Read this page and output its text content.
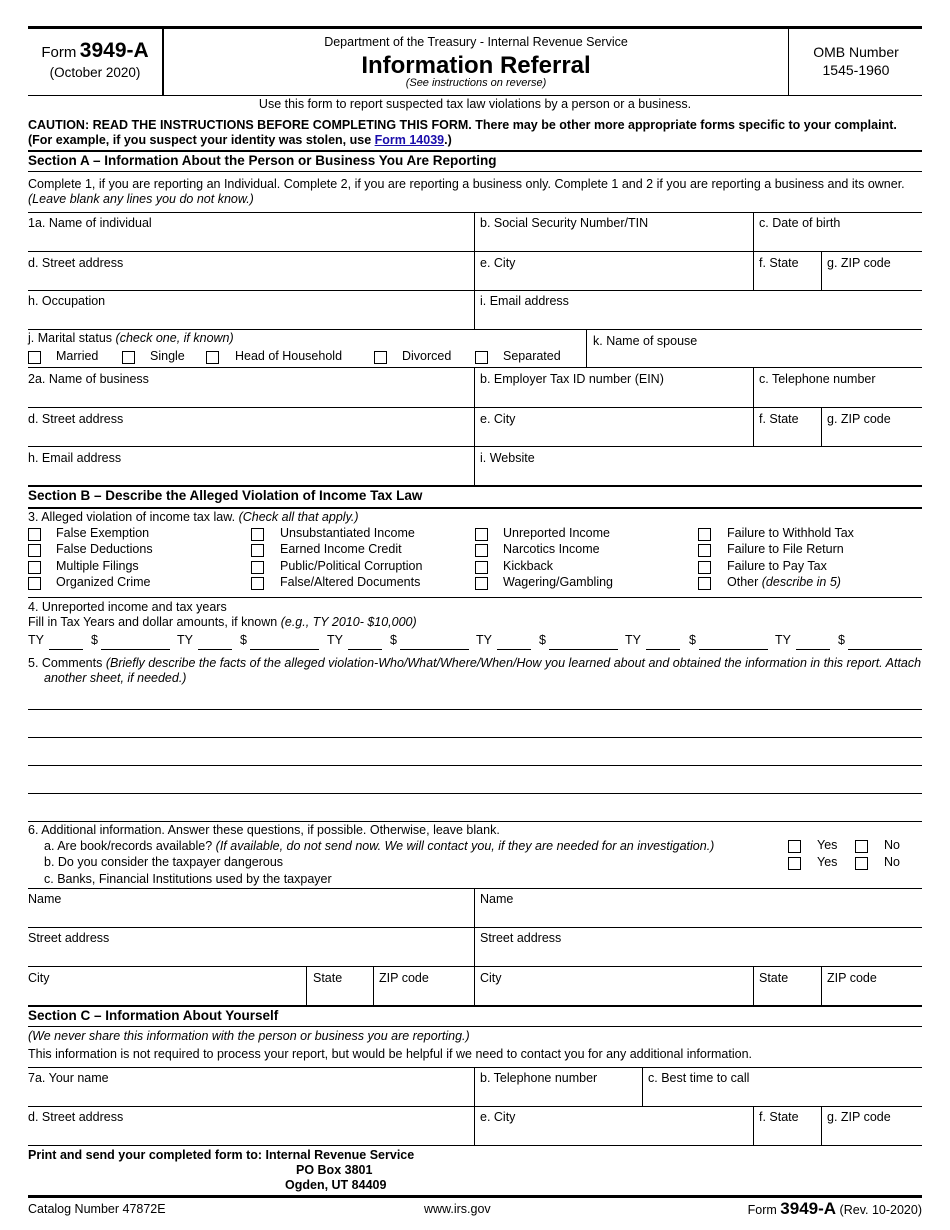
Form 3949-A
(October 2020)
Department of the Treasury - Internal Revenue Service
Information Referral
(See instructions on reverse)
OMB Number
1545-1960
Use this form to report suspected tax law violations by a person or a business.
CAUTION: READ THE INSTRUCTIONS BEFORE COMPLETING THIS FORM. There may be other more appropriate forms specific to your complaint.
(For example, if you suspect your identity was stolen, use Form 14039.)
Section A – Information About the Person or Business You Are Reporting
Complete 1, if you are reporting an Individual. Complete 2, if you are reporting a business only. Complete 1 and 2 if you are reporting a business and its owner.
(Leave blank any lines you do not know.)
1a. Name of individual	b. Social Security Number/TIN	c. Date of birth
d. Street address	e. City	f. State g. ZIP code
h. Occupation	i. Email address
j. Marital status (check one, if known)
Married	Single	Head of Household	Divorced	Separated
k. Name of spouse
2a. Name of business	b. Employer Tax ID number (EIN)	c. Telephone number
d. Street address	e. City	f. State g. ZIP code
h. Email address	i. Website
Section B – Describe the Alleged Violation of Income Tax Law
3. Alleged violation of income tax law. (Check all that apply.)
False Exemption
False Deductions
Multiple Filings
Organized Crime
Unsubstantiated Income
Earned Income Credit
Public/Political Corruption
False/Altered Documents
Unreported Income
Narcotics Income
Kickback
Wagering/Gambling
Failure to Withhold Tax
Failure to File Return
Failure to Pay Tax
Other (describe in 5)
4. Unreported income and tax years
Fill in Tax Years and dollar amounts, if known (e.g., TY 2010- $10,000)
TY	$	TY	$	TY	$	TY	$	TY	$	TY	$
5. Comments (Briefly describe the facts of the alleged violation-Who/What/Where/When/How you learned about and obtained the information in this report. Attach
another sheet, if needed.)
6. Additional information. Answer these questions, if possible. Otherwise, leave blank.
a. Are book/records available? (If available, do not send now. We will contact you, if they are needed for an investigation.)
b. Do you consider the taxpayer dangerous
c. Banks, Financial Institutions used by the taxpayer
Yes	No
Yes	No
Name	Name
Street address	Street address
City	State	ZIP code	City	State	ZIP code
Section C – Information About Yourself
(We never share this information with the person or business you are reporting.)
This information is not required to process your report, but would be helpful if we need to contact you for any additional information.
7a. Your name	b. Telephone number	c. Best time to call
d. Street address	e. City	f. State g. ZIP code
Print and send your completed form to: Internal Revenue Service
PO Box 3801
Ogden, UT 84409
Catalog Number 47872E	www.irs.gov	Form 3949-A (Rev. 10-2020)
